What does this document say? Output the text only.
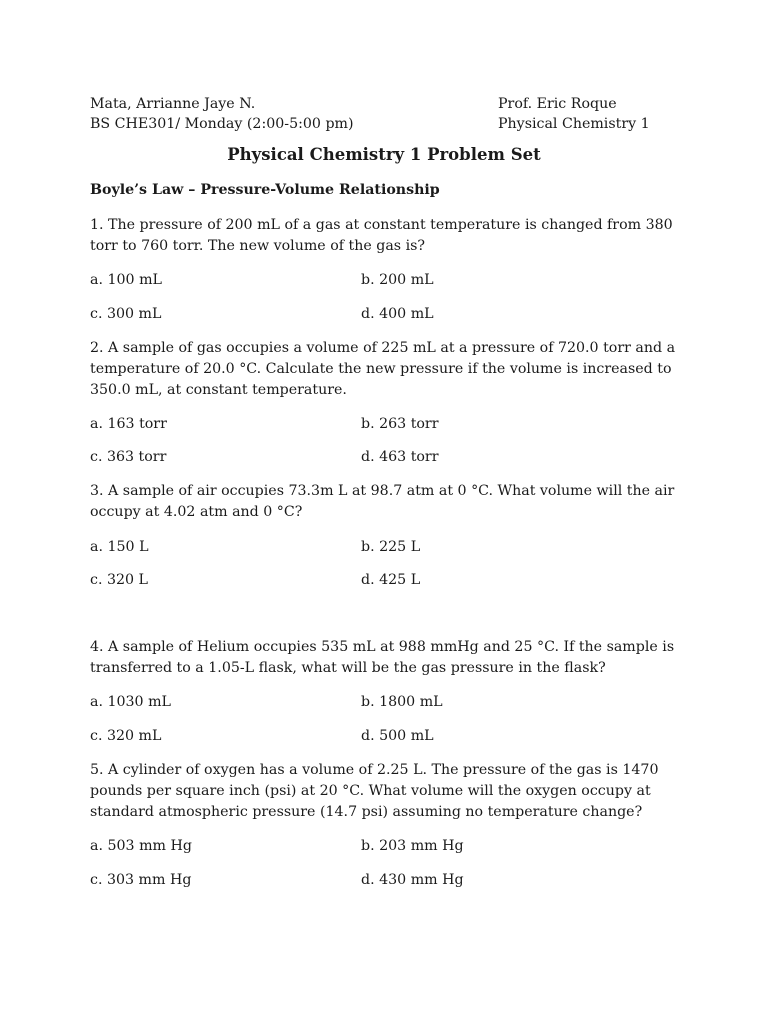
Mata, Arrianne Jaye N.
BS CHE301/ Monday (2:00-5:00 pm)
Prof. Eric Roque
Physical Chemistry 1
Physical Chemistry 1 Problem Set
Boyle’s Law – Pressure-Volume Relationship
1. The pressure of 200 mL of a gas at constant temperature is changed from 380 torr to 760 torr. The new volume of the gas is?
a. 100 mL	b. 200 mL
c. 300 mL	d. 400 mL
2. A sample of gas occupies a volume of 225 mL at a pressure of 720.0 torr and a temperature of 20.0 °C. Calculate the new pressure if the volume is increased to 350.0 mL, at constant temperature.
a. 163 torr	b. 263 torr
c. 363 torr	d. 463 torr
3. A sample of air occupies 73.3m L at 98.7 atm at 0 °C. What volume will the air occupy at 4.02 atm and 0 °C?
a. 150 L	b. 225 L
c. 320 L	d. 425 L
4. A sample of Helium occupies 535 mL at 988 mmHg and 25 °C. If the sample is transferred to a 1.05-L flask, what will be the gas pressure in the flask?
a. 1030 mL	b. 1800 mL
c. 320 mL	d. 500 mL
5. A cylinder of oxygen has a volume of 2.25 L. The pressure of the gas is 1470 pounds per square inch (psi) at 20 °C. What volume will the oxygen occupy at standard atmospheric pressure (14.7 psi) assuming no temperature change?
a. 503 mm Hg	b. 203 mm Hg
c. 303 mm Hg	d. 430 mm Hg
